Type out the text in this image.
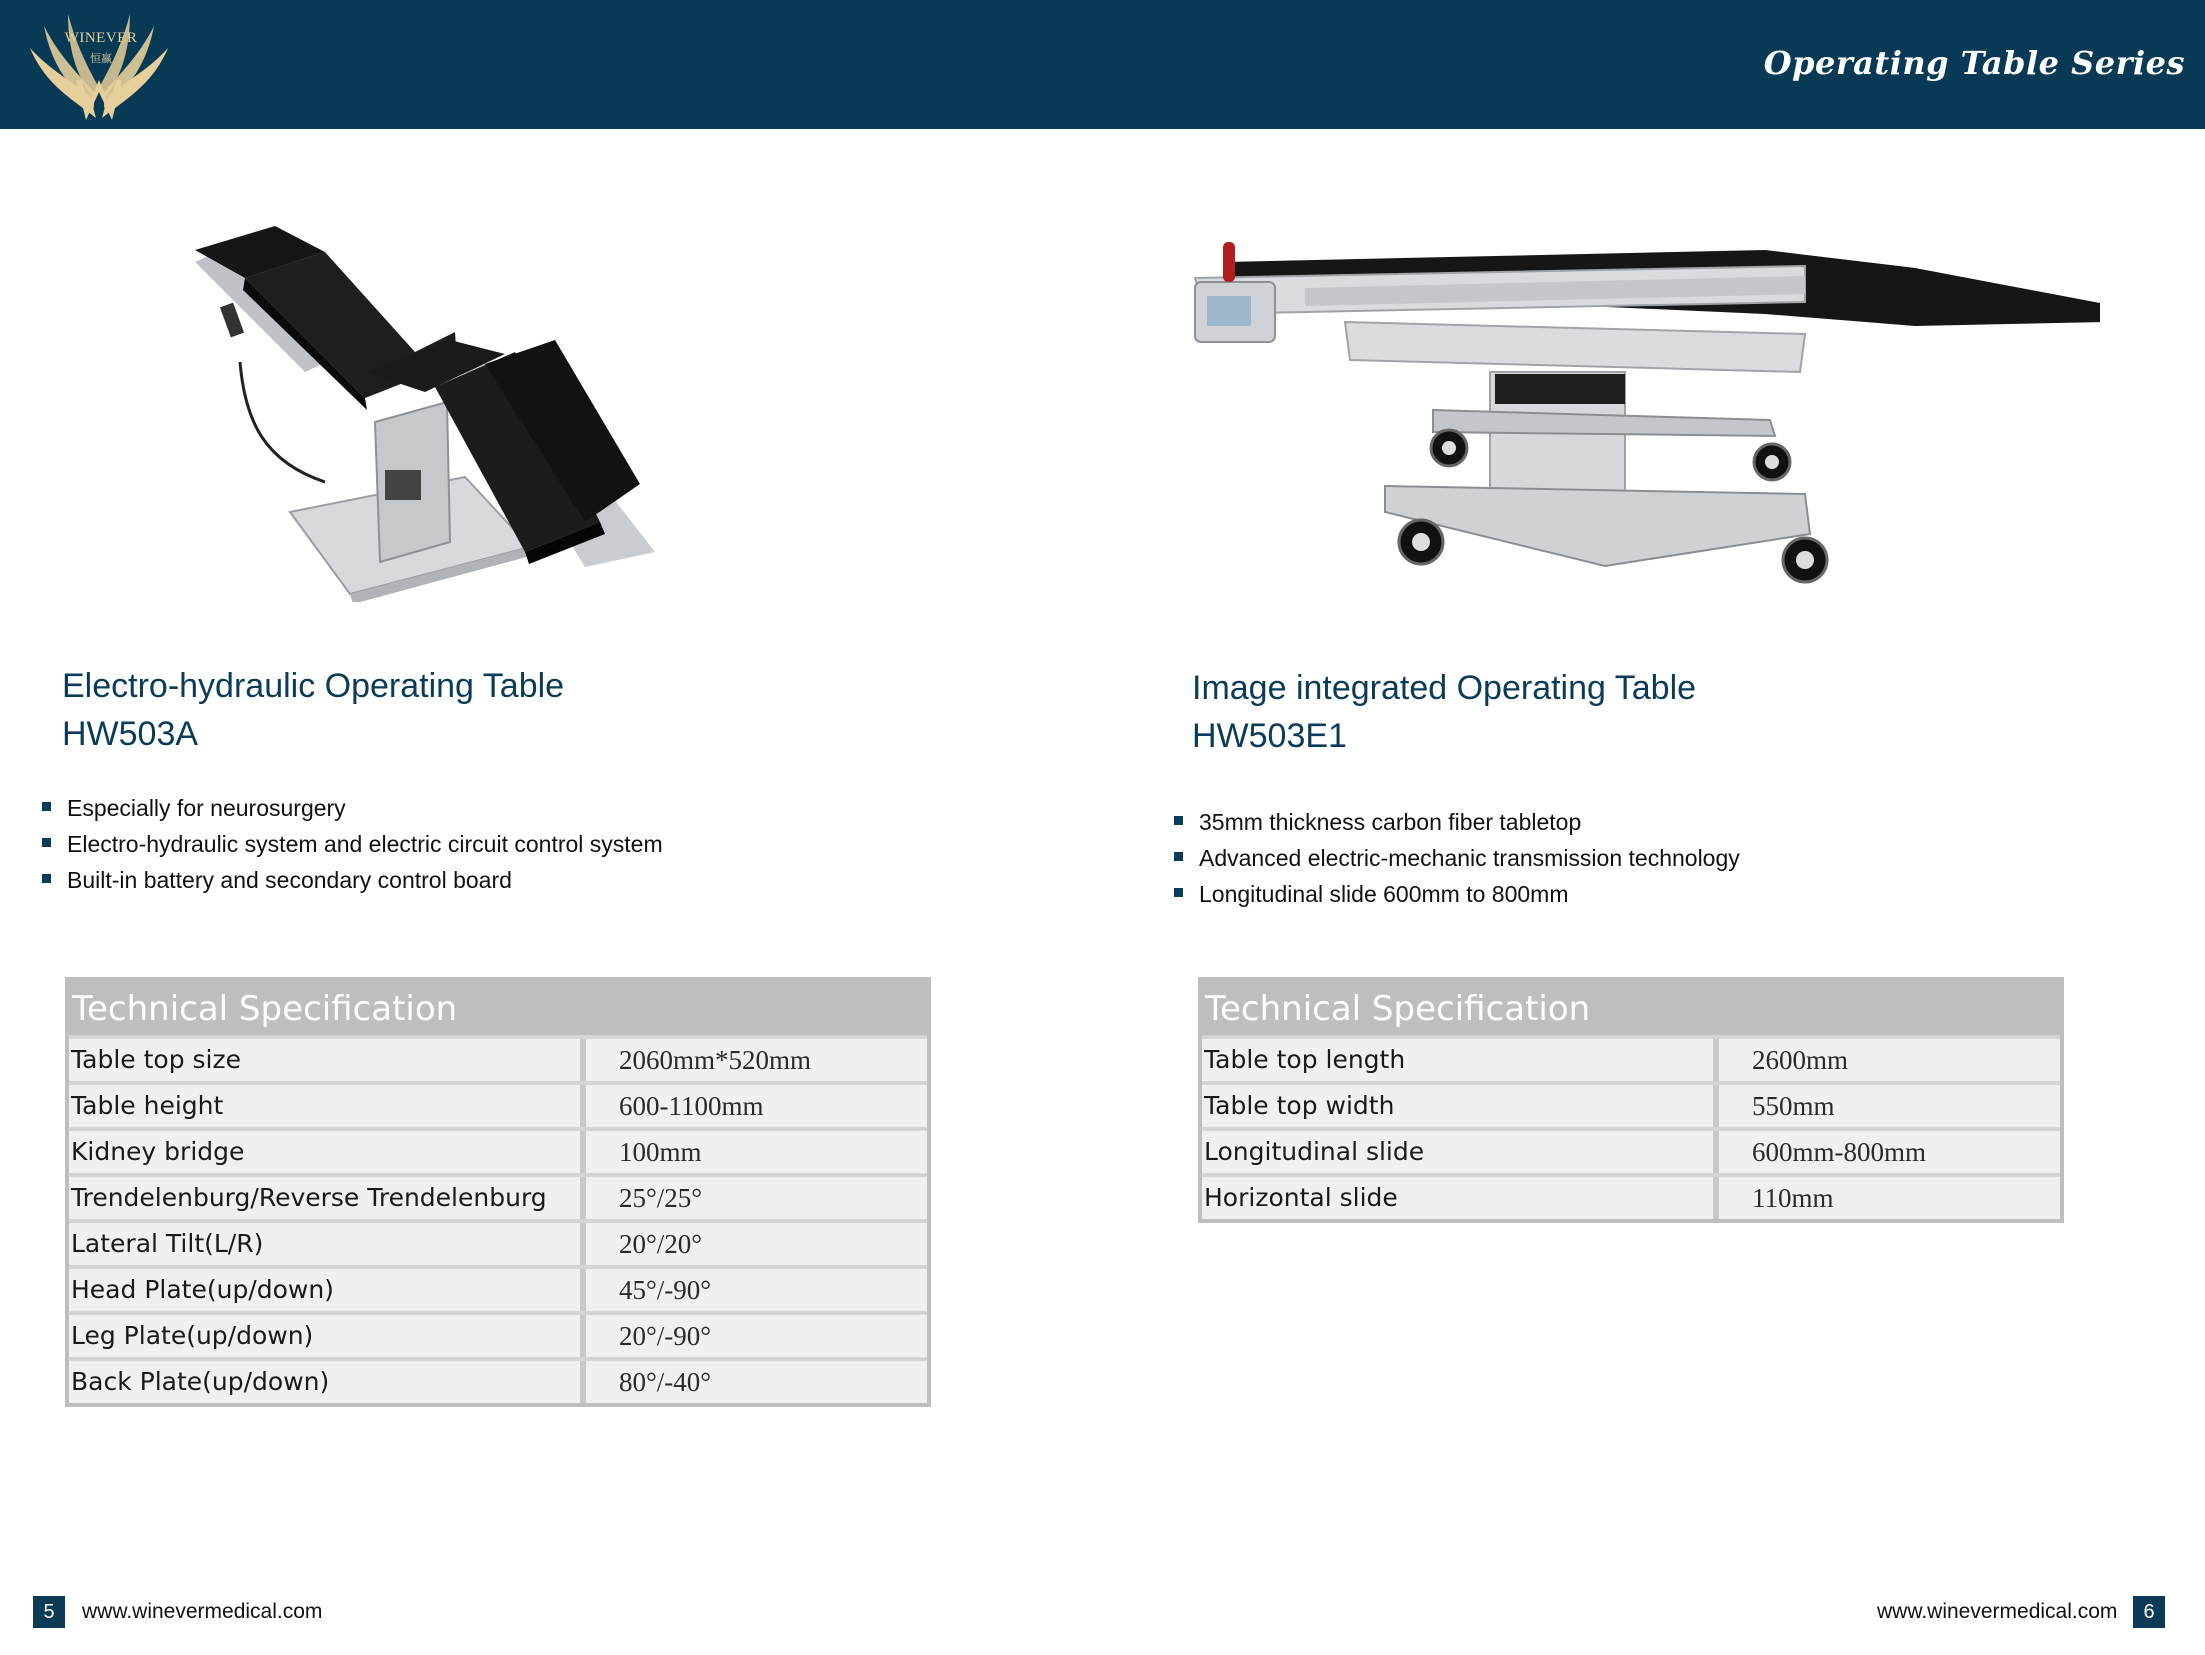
WINEVER
恒赢	Operating Table Series
Electro-hydraulic Operating Table
HW503A
Especially for neurosurgery
Electro-hydraulic system and electric circuit control system
Built-in battery and secondary control board
Image integrated Operating Table
HW503E1
35mm thickness carbon fiber tabletop
Advanced electric-mechanic transmission technology
Longitudinal slide 600mm to 800mm
Technical Specification
Table top size	2060mm*520mm
Table height	600-1100mm
Kidney bridge	100mm
Trendelenburg/Reverse Trendelenburg	25°/25°
Lateral Tilt(L/R)	20°/20°
Head Plate(up/down)	45°/-90°
Leg Plate(up/down)	20°/-90°
Back Plate(up/down)	80°/-40°
Technical Specification
Table top length	2600mm
Table top width	550mm
Longitudinal slide	600mm-800mm
Horizontal slide	110mm
5	www.winevermedical.com	www.winevermedical.com	6
